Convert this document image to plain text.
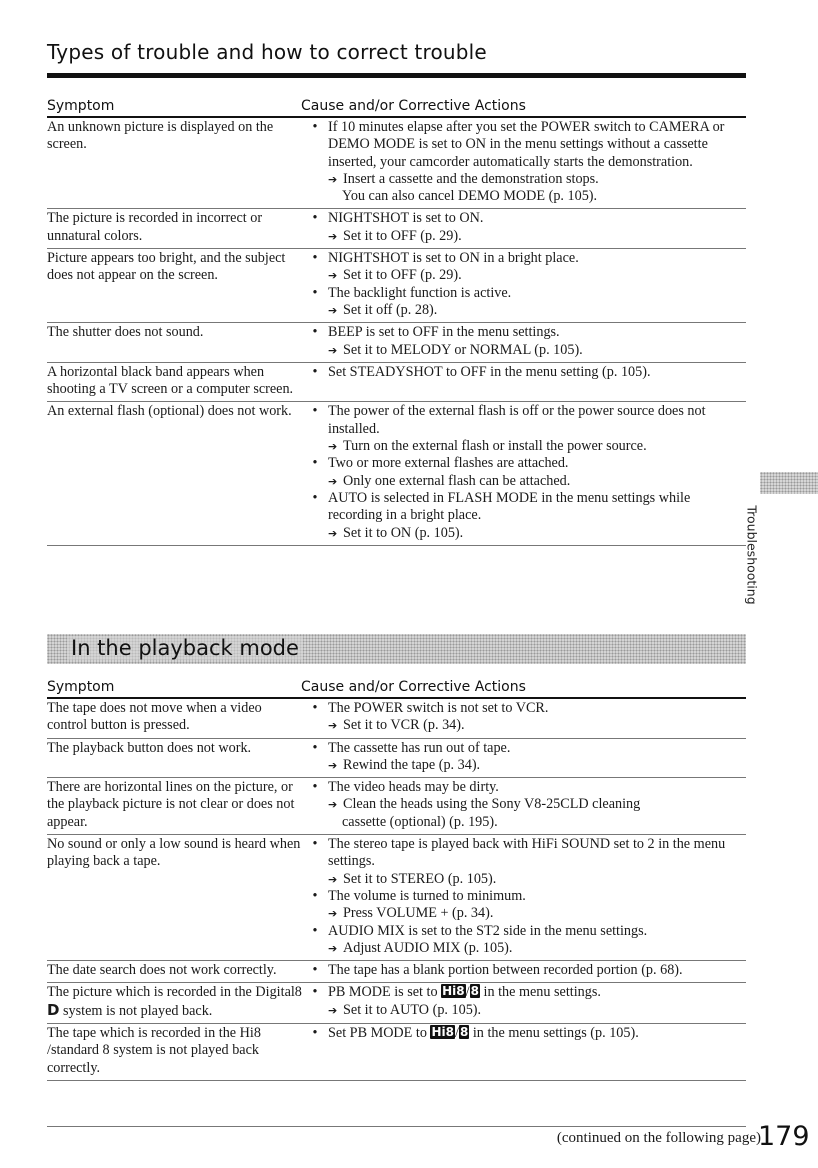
Types of trouble and how to correct trouble
Symptom	Cause and/or Corrective Actions
An unknown picture is displayed on the screen.
• If 10 minutes elapse after you set the POWER switch to CAMERA or DEMO MODE is set to ON in the menu settings without a cassette inserted, your camcorder automatically starts the demonstration.
➔ Insert a cassette and the demonstration stops.
You can also cancel DEMO MODE (p. 105).
The picture is recorded in incorrect or unnatural colors.
• NIGHTSHOT is set to ON.
➔ Set it to OFF (p. 29).
Picture appears too bright, and the subject does not appear on the screen.
• NIGHTSHOT is set to ON in a bright place.
➔ Set it to OFF (p. 29).
• The backlight function is active.
➔ Set it off (p. 28).
The shutter does not sound.	• BEEP is set to OFF in the menu settings.
➔ Set it to MELODY or NORMAL (p. 105).
A horizontal black band appears when shooting a TV screen or a computer screen.
• Set STEADYSHOT to OFF in the menu setting (p. 105).
An external flash (optional) does not work.	• The power of the external flash is off or the power source does not installed.
➔ Turn on the external flash or install the power source.
• Two or more external flashes are attached.
➔ Only one external flash can be attached.
• AUTO is selected in FLASH MODE in the menu settings while recording in a bright place.
➔ Set it to ON (p. 105).
In the playback mode
Symptom	Cause and/or Corrective Actions
The tape does not move when a video control button is pressed.
• The POWER switch is not set to VCR.
➔ Set it to VCR (p. 34).
The playback button does not work.	• The cassette has run out of tape.
➔ Rewind the tape (p. 34).
There are horizontal lines on the picture, or the playback picture is not clear or does not appear.
• The video heads may be dirty.
➔ Clean the heads using the Sony V8-25CLD cleaning
cassette (optional) (p. 195).
No sound or only a low sound is heard when playing back a tape.
• The stereo tape is played back with HiFi SOUND set to 2 in the menu settings.
➔ Set it to STEREO (p. 105).
• The volume is turned to minimum.
➔ Press VOLUME + (p. 34).
• AUDIO MIX is set to the ST2 side in the menu settings.
➔ Adjust AUDIO MIX (p. 105).
The date search does not work correctly.	• The tape has a blank portion between recorded portion (p. 68).
The picture which is recorded in the Digital8 D system is not played back.
• PB MODE is set to Hi8/8 in the menu settings.
➔ Set it to AUTO (p. 105).
The tape which is recorded in the Hi8 /standard 8 system is not played back correctly.
• Set PB MODE to Hi8/8 in the menu settings (p. 105).
Troubleshooting
(continued on the following page)
179
